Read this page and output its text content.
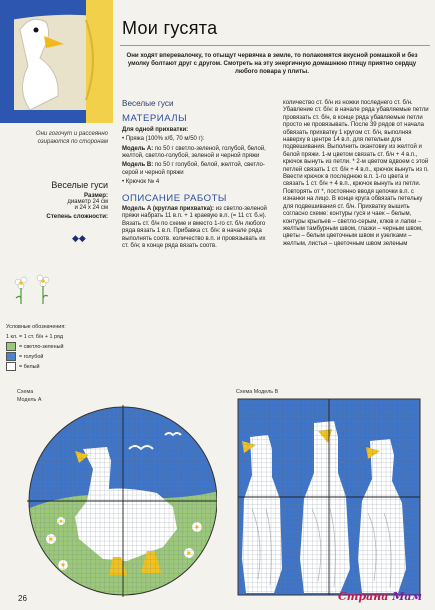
Мои гусята
Они ходят вперевалочку, то отыщут червячка в земле, то полакомятся вкусной ромашкой и без умолку болтают друг с другом. Смотреть на эту энергичную домашнюю птицу приятно сердцу любого повара у плиты.
Они гогочут и рассеянно озираются по сторонам
Веселые гуси
Размер:
диаметр 24 см
и 24 х 24 см
Степень сложности:
◆◆
Условные обозначения:
1 кл. = 1 ст. б/н + 1 ряд
= светло-зеленый
= голубой
= белый
Веселые гуси
МАТЕРИАЛЫ

Для одной прихватки:

• Пряжа (100% х/б, 70 м/50 г):

Модель А: по 50 г светло-зеленой, голубой, белой, желтой, светло-голубой, зеленой и черной пряжи

Модель В: по 50 г голубой, белой, желтой, светло-серой и черной пряжи

• Крючок № 4

ОПИСАНИЕ РАБОТЫ

Модель А (круглая прихватка): из светло-зеленой пряжи набрать 11 в.п. + 1 краевую в.п. (= 11 ст. б.н). Вязать ст. б/н по схеме и вместо 1-го ст. б/н любого ряда вязать 1 в.п. Прибавка ст. б/н: в начале ряда выполнять соотв. количество в.п. и провязывать их ст. б/н; в конце ряда вязать соотв.

количество ст. б/н из ножки последнего ст. б/н. Убавление ст. б/н: в начале ряда убавляемые петли провязать ст. б/н, в конце ряда убавляемые петли просто не провязывать. После 39 рядов от начала обвязать прихватку 1 кругом ст. б/н, выполняя наверху в центре 14 в.п. для петельки для подвешивания. Выполнить окантовку из желтой и белой пряжи. 1-м цветом связать ст. б/н + 4 в.п., крючок вынуть из петли. * 2-м цветом вдвоем с этой петлей связать 1 ст. б/н + 4 в.п., крючок вынуть из п. Ввести крючок в последнюю в.п. 1-го цвета и связать 1 ст. б/н + 4 в.п., крючок вынуть из петли. Повторять от *, постоянно вводя цепочки в.п. с изнанки на лицо. В конце круга обвязать петельку для подвешивания ст. б/н. Прихватку вышить согласно схеме: контуры гуся и чаек – белым, контуры крыльев – светло-серым, клюв и лапки – желтым тамбурным швом, глазки – черным швом, цветы – белым цветочным швом и узелками – желтым, листья – цветочным швом зеленым

Схема
Модель А
Схема Модель В
26	Страна Мам
